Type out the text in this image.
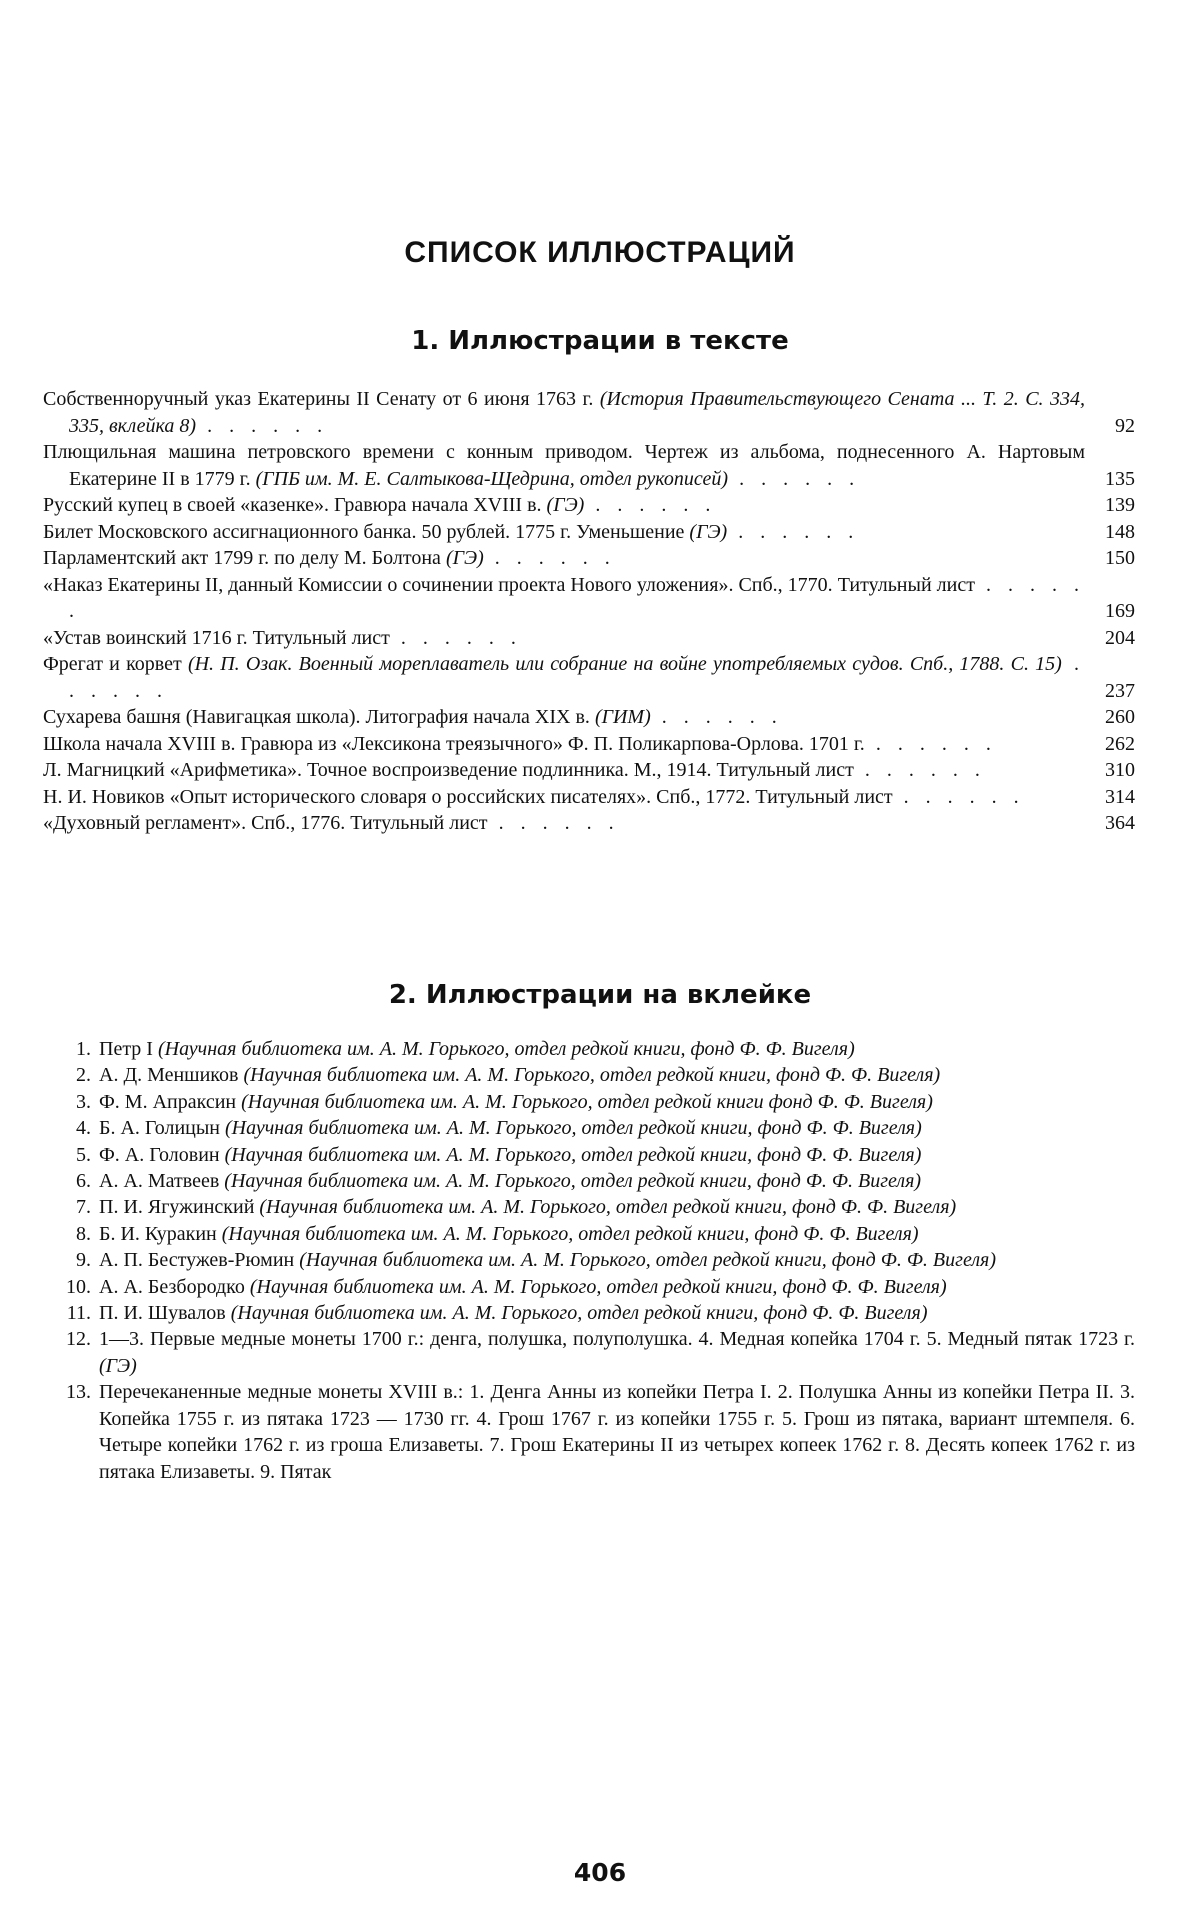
СПИСОК ИЛЛЮСТРАЦИЙ
1. Иллюстрации в тексте
Собственноручный указ Екатерины II Сенату от 6 июня 1763 г. (История Правительствующего Сената ... Т. 2. С. 334, 335, вклейка 8) . . . . . .	92
Плющильная машина петровского времени с конным приводом. Чертеж из альбома, поднесенного А. Нартовым Екатерине II в 1779 г. (ГПБ им. М. Е. Салтыкова-Щедрина, отдел рукописей) . . . . . .	135
Русский купец в своей «казенке». Гравюра начала XVIII в. (ГЭ) . . . . . .	139
Билет Московского ассигнационного банка. 50 рублей. 1775 г. Уменьшение (ГЭ) . . . . . .	148
Парламентский акт 1799 г. по делу М. Болтона (ГЭ) . . . . . .	150
«Наказ Екатерины II, данный Комиссии о сочинении проекта Нового уложения». Спб., 1770. Титульный лист . . . . . .	169
«Устав воинский 1716 г. Титульный лист . . . . . .	204
Фрегат и корвет (Н. П. Озак. Военный мореплаватель или собрание на войне употребляемых судов. Спб., 1788. С. 15) . . . . . .	237
Сухарева башня (Навигацкая школа). Литография начала XIX в. (ГИМ) . . . . . .	260
Школа начала XVIII в. Гравюра из «Лексикона треязычного» Ф. П. Поликарпова-Орлова. 1701 г. . . . . . .	262
Л. Магницкий «Арифметика». Точное воспроизведение подлинника. М., 1914. Титульный лист . . . . . .	310
Н. И. Новиков «Опыт исторического словаря о российских писателях». Спб., 1772. Титульный лист . . . . . .	314
«Духовный регламент». Спб., 1776. Титульный лист . . . . . .	364
2. Иллюстрации на вклейке
1. Петр I (Научная библиотека им. А. М. Горького, отдел редкой книги, фонд Ф. Ф. Вигеля)
2. А. Д. Меншиков (Научная библиотека им. А. М. Горького, отдел редкой книги, фонд Ф. Ф. Вигеля)
3. Ф. М. Апраксин (Научная библиотека им. А. М. Горького, отдел редкой книги фонд Ф. Ф. Вигеля)
4. Б. А. Голицын (Научная библиотека им. А. М. Горького, отдел редкой книги, фонд Ф. Ф. Вигеля)
5. Ф. А. Головин (Научная библиотека им. А. М. Горького, отдел редкой книги, фонд Ф. Ф. Вигеля)
6. А. А. Матвеев (Научная библиотека им. А. М. Горького, отдел редкой книги, фонд Ф. Ф. Вигеля)
7. П. И. Ягужинский (Научная библиотека им. А. М. Горького, отдел редкой книги, фонд Ф. Ф. Вигеля)
8. Б. И. Куракин (Научная библиотека им. А. М. Горького, отдел редкой книги, фонд Ф. Ф. Вигеля)
9. А. П. Бестужев-Рюмин (Научная библиотека им. А. М. Горького, отдел редкой книги, фонд Ф. Ф. Вигеля)
10. А. А. Безбородко (Научная библиотека им. А. М. Горького, отдел редкой книги, фонд Ф. Ф. Вигеля)
11. П. И. Шувалов (Научная библиотека им. А. М. Горького, отдел редкой книги, фонд Ф. Ф. Вигеля)
12. 1—3. Первые медные монеты 1700 г.: денга, полушка, полуполушка. 4. Медная копейка 1704 г. 5. Медный пятак 1723 г. (ГЭ)
13. Перечеканенные медные монеты XVIII в.: 1. Денга Анны из копейки Петра I. 2. Полушка Анны из копейки Петра II. 3. Копейка 1755 г. из пятака 1723 — 1730 гг. 4. Грош 1767 г. из копейки 1755 г. 5. Грош из пятака, вариант штемпеля. 6. Четыре копейки 1762 г. из гроша Елизаветы. 7. Грош Екатерины II из четырех копеек 1762 г. 8. Десять копеек 1762 г. из пятака Елизаветы. 9. Пятак
406
